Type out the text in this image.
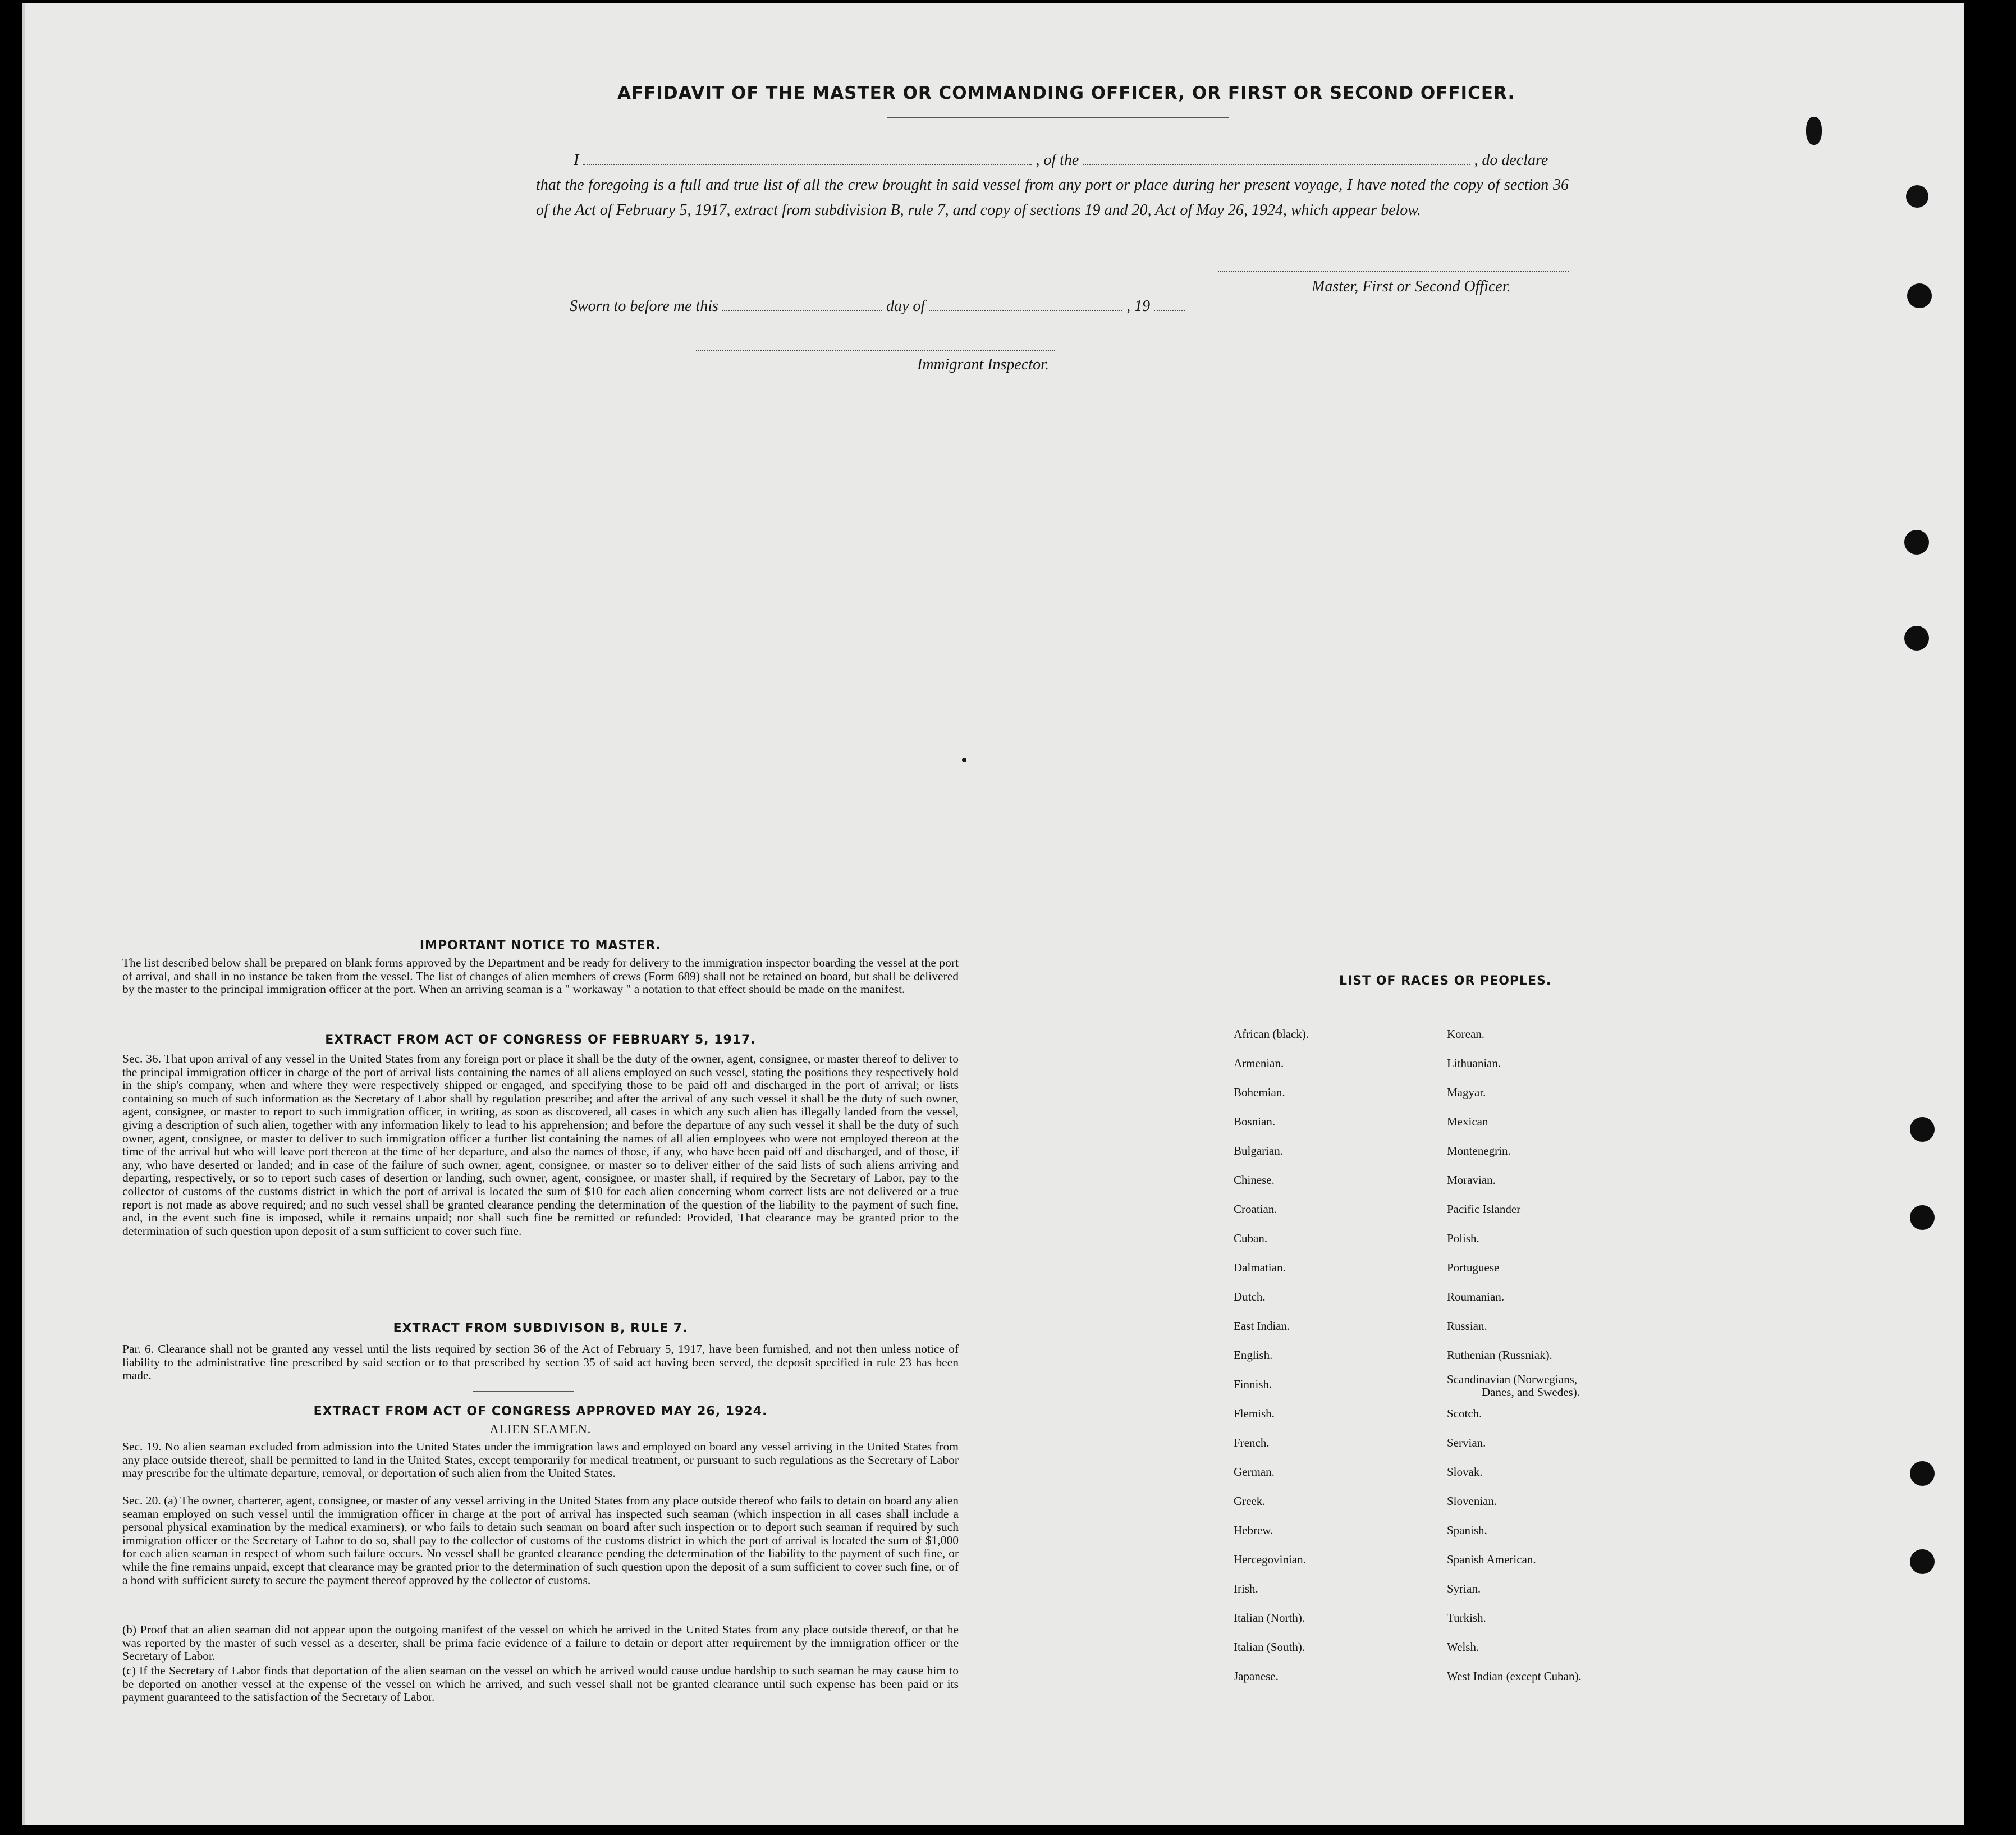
AFFIDAVIT OF THE MASTER OR COMMANDING OFFICER, OR FIRST OR SECOND OFFICER.
I	, of the	, do declare
that the foregoing is a full and true list of all the crew brought in said vessel from any port or place during her present voyage, I have noted the copy of section 36 of the Act of February 5, 1917, extract from subdivision B, rule 7, and copy of sections 19 and 20, Act of May 26, 1924, which appear below.
Master, First or Second Officer.
Sworn to before me this	day of	, 19
Immigrant Inspector.
IMPORTANT NOTICE TO MASTER.
The list described below shall be prepared on blank forms approved by the Department and be ready for delivery to the immigration inspector boarding the vessel at the port of arrival, and shall in no instance be taken from the vessel. The list of changes of alien members of crews (Form 689) shall not be retained on board, but shall be delivered by the master to the principal immigration officer at the port. When an arriving seaman is a " workaway " a notation to that effect should be made on the manifest.
EXTRACT FROM ACT OF CONGRESS OF FEBRUARY 5, 1917.
Sec. 36. That upon arrival of any vessel in the United States from any foreign port or place it shall be the duty of the owner, agent, consignee, or master thereof to deliver to the principal immigration officer in charge of the port of arrival lists containing the names of all aliens employed on such vessel, stating the positions they respectively hold in the ship's company, when and where they were respectively shipped or engaged, and specifying those to be paid off and discharged in the port of arrival; or lists containing so much of such information as the Secretary of Labor shall by regulation prescribe; and after the arrival of any such vessel it shall be the duty of such owner, agent, consignee, or master to report to such immigration officer, in writing, as soon as discovered, all cases in which any such alien has illegally landed from the vessel, giving a description of such alien, together with any information likely to lead to his apprehension; and before the departure of any such vessel it shall be the duty of such owner, agent, consignee, or master to deliver to such immigration officer a further list containing the names of all alien employees who were not employed thereon at the time of the arrival but who will leave port thereon at the time of her departure, and also the names of those, if any, who have been paid off and discharged, and of those, if any, who have deserted or landed; and in case of the failure of such owner, agent, consignee, or master so to deliver either of the said lists of such aliens arriving and departing, respectively, or so to report such cases of desertion or landing, such owner, agent, consignee, or master shall, if required by the Secretary of Labor, pay to the collector of customs of the customs district in which the port of arrival is located the sum of $10 for each alien concerning whom correct lists are not delivered or a true report is not made as above required; and no such vessel shall be granted clearance pending the determination of the question of the liability to the payment of such fine, and, in the event such fine is imposed, while it remains unpaid; nor shall such fine be remitted or refunded: Provided, That clearance may be granted prior to the determination of such question upon deposit of a sum sufficient to cover such fine.
EXTRACT FROM SUBDIVISON B, RULE 7.
Par. 6. Clearance shall not be granted any vessel until the lists required by section 36 of the Act of February 5, 1917, have been furnished, and not then unless notice of liability to the administrative fine prescribed by said section or to that prescribed by section 35 of said act having been served, the deposit specified in rule 23 has been made.
EXTRACT FROM ACT OF CONGRESS APPROVED MAY 26, 1924.
ALIEN SEAMEN.
Sec. 19. No alien seaman excluded from admission into the United States under the immigration laws and employed on board any vessel arriving in the United States from any place outside thereof, shall be permitted to land in the United States, except temporarily for medical treatment, or pursuant to such regulations as the Secretary of Labor may prescribe for the ultimate departure, removal, or deportation of such alien from the United States.
Sec. 20. (a) The owner, charterer, agent, consignee, or master of any vessel arriving in the United States from any place outside thereof who fails to detain on board any alien seaman employed on such vessel until the immigration officer in charge at the port of arrival has inspected such seaman (which inspection in all cases shall include a personal physical examination by the medical examiners), or who fails to detain such seaman on board after such inspection or to deport such seaman if required by such immigration officer or the Secretary of Labor to do so, shall pay to the collector of customs of the customs district in which the port of arrival is located the sum of $1,000 for each alien seaman in respect of whom such failure occurs. No vessel shall be granted clearance pending the determination of the liability to the payment of such fine, or while the fine remains unpaid, except that clearance may be granted prior to the determination of such question upon the deposit of a sum sufficient to cover such fine, or of a bond with sufficient surety to secure the payment thereof approved by the collector of customs.
(b) Proof that an alien seaman did not appear upon the outgoing manifest of the vessel on which he arrived in the United States from any place outside thereof, or that he was reported by the master of such vessel as a deserter, shall be prima facie evidence of a failure to detain or deport after requirement by the immigration officer or the Secretary of Labor.
(c) If the Secretary of Labor finds that deportation of the alien seaman on the vessel on which he arrived would cause undue hardship to such seaman he may cause him to be deported on another vessel at the expense of the vessel on which he arrived, and such vessel shall not be granted clearance until such expense has been paid or its payment guaranteed to the satisfaction of the Secretary of Labor.
LIST OF RACES OR PEOPLES.
African (black).
Armenian.
Bohemian.
Bosnian.
Bulgarian.
Chinese.
Croatian.
Cuban.
Dalmatian.
Dutch.
East Indian.
English.
Finnish.
Flemish.
French.
German.
Greek.
Hebrew.
Hercegovinian.
Irish.
Italian (North).
Italian (South).
Japanese.
Korean.
Lithuanian.
Magyar.
Mexican
Montenegrin.
Moravian.
Pacific Islander
Polish.
Portuguese
Roumanian.
Russian.
Ruthenian (Russniak).
Scandinavian (Norwegians,
Danes, and Swedes).
Scotch.
Servian.
Slovak.
Slovenian.
Spanish.
Spanish American.
Syrian.
Turkish.
Welsh.
West Indian (except Cuban).
